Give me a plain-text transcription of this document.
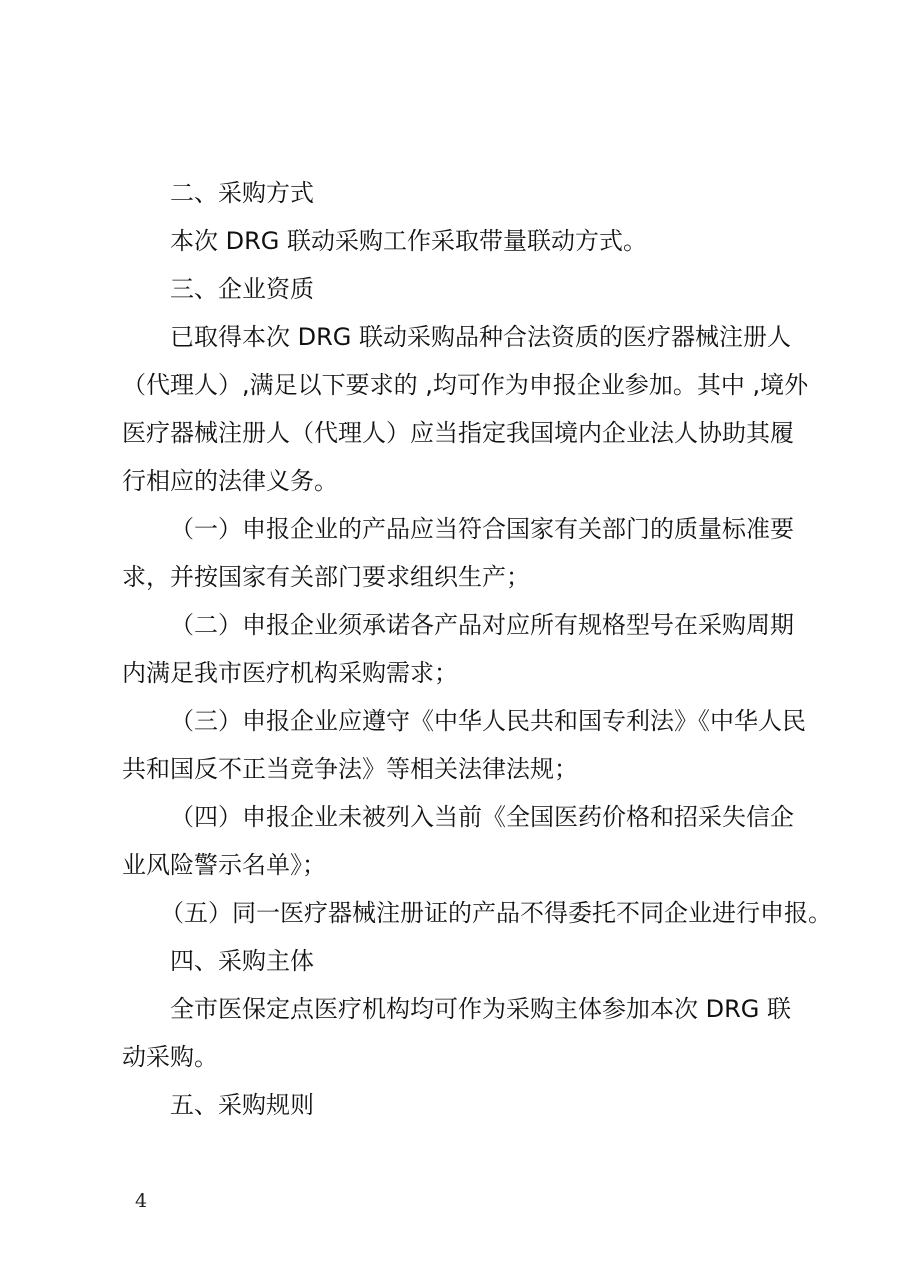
二、采购方式
本次 DRG 联动采购工作采取带量联动方式。
三、企业资质
已取得本次 DRG 联动采购品种合法资质的医疗器械注册人
（代理人）,满足以下要求的 ,均可作为申报企业参加。其中 ,境外
医疗器械注册人（代理人）应当指定我国境内企业法人协助其履
行相应的法律义务。
（一）申报企业的产品应当符合国家有关部门的质量标准要
求，并按国家有关部门要求组织生产；
（二）申报企业须承诺各产品对应所有规格型号在采购周期
内满足我市医疗机构采购需求；
（三）申报企业应遵守《中华人民共和国专利法》《中华人民
共和国反不正当竞争法》等相关法律法规；
（四）申报企业未被列入当前《全国医药价格和招采失信企
业风险警示名单》；
（五）同一医疗器械注册证的产品不得委托不同企业进行申报。
四、采购主体
全市医保定点医疗机构均可作为采购主体参加本次 DRG 联
动采购。
五、采购规则
4
